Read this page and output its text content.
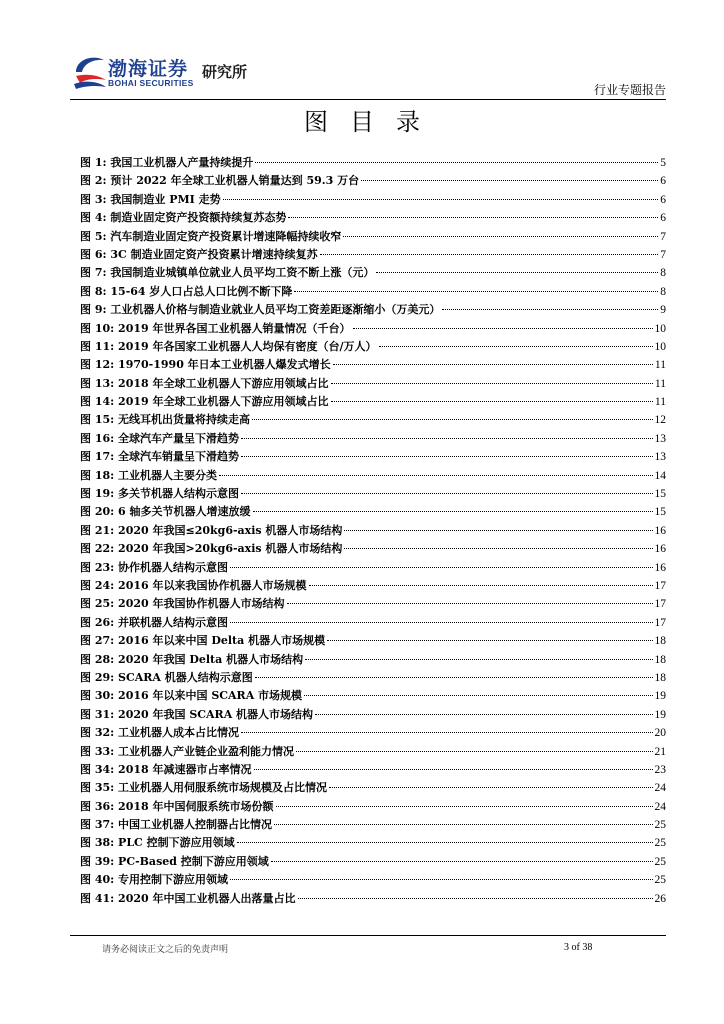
渤海证券
BOHAI SECURITIES
研究所
行业专题报告
图目录
图 1:
我国工业机器人产量持续提升	5
图 2:
预计 2022 年全球工业机器人销量达到 59.3 万台	6
图 3:
我国制造业 PMI 走势	6
图 4:
制造业固定资产投资额持续复苏态势	6
图 5:
汽车制造业固定资产投资累计增速降幅持续收窄	7
图 6:
3C 制造业固定资产投资累计增速持续复苏	7
图 7:
我国制造业城镇单位就业人员平均工资不断上涨（元）	8
图 8:
15-64 岁人口占总人口比例不断下降	8
图 9:
工业机器人价格与制造业就业人员平均工资差距逐渐缩小（万美元）	9
图 10:
2019 年世界各国工业机器人销量情况（千台）	10
图 11:
2019 年各国家工业机器人人均保有密度（台/万人）	10
图 12:
1970-1990 年日本工业机器人爆发式增长	11
图 13:
2018 年全球工业机器人下游应用领域占比	11
图 14:
2019 年全球工业机器人下游应用领域占比	11
图 15:
无线耳机出货量将持续走高	12
图 16:
全球汽车产量呈下滑趋势	13
图 17:
全球汽车销量呈下滑趋势	13
图 18:
工业机器人主要分类	14
图 19:
多关节机器人结构示意图	15
图 20:
6 轴多关节机器人增速放缓	15
图 21:
2020 年我国≤20kg6-axis 机器人市场结构	16
图 22:
2020 年我国>20kg6-axis 机器人市场结构	16
图 23:
协作机器人结构示意图	16
图 24:
2016 年以来我国协作机器人市场规模	17
图 25:
2020 年我国协作机器人市场结构	17
图 26:
并联机器人结构示意图	17
图 27:
2016 年以来中国 Delta 机器人市场规模	18
图 28:
2020 年我国 Delta 机器人市场结构	18
图 29:
SCARA 机器人结构示意图	18
图 30:
2016 年以来中国 SCARA 市场规模	19
图 31:
2020 年我国 SCARA 机器人市场结构	19
图 32:
工业机器人成本占比情况	20
图 33:
工业机器人产业链企业盈利能力情况	21
图 34:
2018 年减速器市占率情况	23
图 35:
工业机器人用伺服系统市场规模及占比情况	24
图 36:
2018 年中国伺服系统市场份额	24
图 37:
中国工业机器人控制器占比情况	25
图 38:
PLC 控制下游应用领域	25
图 39:
PC-Based 控制下游应用领域	25
图 40:
专用控制下游应用领域	25
图 41:
2020 年中国工业机器人出落量占比	26
请务必阅读正文之后的免责声明	3 of 38
